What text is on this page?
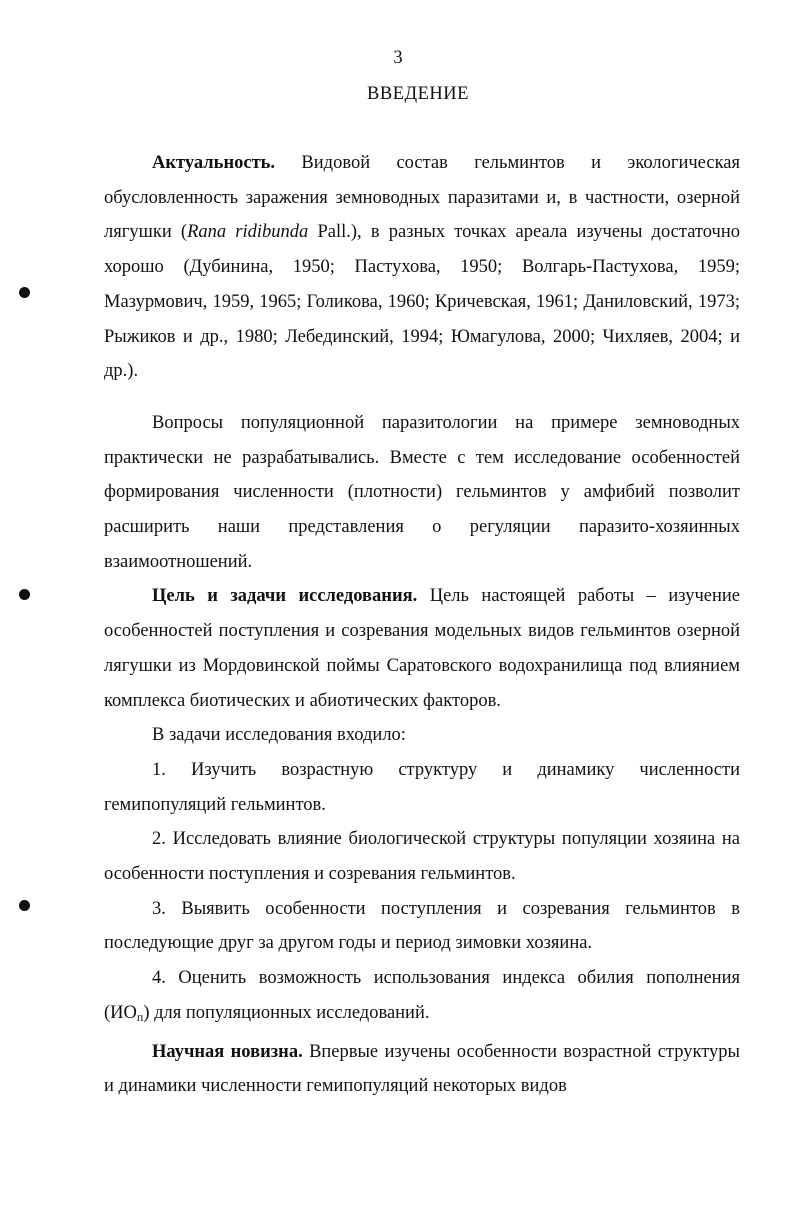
3
ВВЕДЕНИЕ

Актуальность. Видовой состав гельминтов и экологическая обусловленность заражения земноводных паразитами и, в частности, озерной лягушки (Rana ridibunda Pall.), в разных точках ареала изучены достаточно хорошо (Дубинина, 1950; Пастухова, 1950; Волгарь-Пастухова, 1959; Мазурмович, 1959, 1965; Голикова, 1960; Кричевская, 1961; Даниловский, 1973; Рыжиков и др., 1980; Лебединский, 1994; Юмагулова, 2000; Чихляев, 2004; и др.).

Вопросы популяционной паразитологии на примере земноводных практически не разрабатывались. Вместе с тем исследование особенностей формирования численности (плотности) гельминтов у амфибий позволит расширить наши представления о регуляции паразито-хозяинных взаимоотношений.

Цель и задачи исследования. Цель настоящей работы – изучение особенностей поступления и созревания модельных видов гельминтов озерной лягушки из Мордовинской поймы Саратовского водохранилища под влиянием комплекса биотических и абиотических факторов.

В задачи исследования входило:

1. Изучить возрастную структуру и динамику численности гемипопуляций гельминтов.

2. Исследовать влияние биологической структуры популяции хозяина на особенности поступления и созревания гельминтов.

3. Выявить особенности поступления и созревания гельминтов в последующие друг за другом годы и период зимовки хозяина.

4. Оценить возможность использования индекса обилия пополнения $(ИО_п)$ для популяционных исследований.

Научная новизна. Впервые изучены особенности возрастной структуры и динамики численности гемипопуляций некоторых видов
